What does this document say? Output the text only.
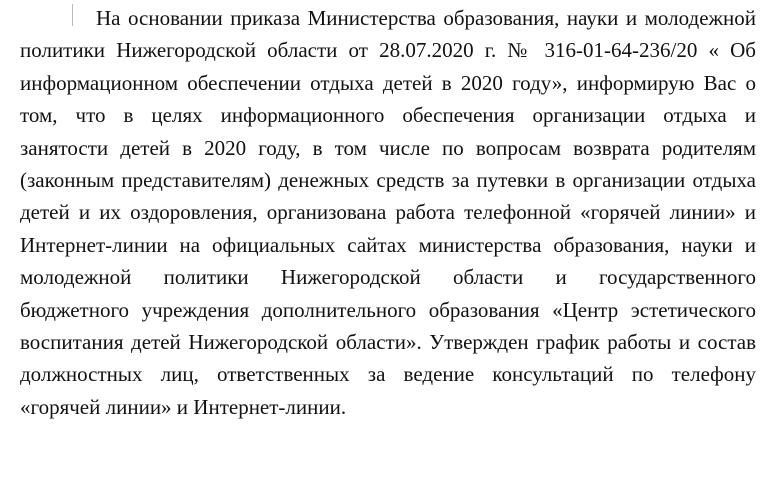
На основании приказа Министерства образования, науки и молодежной
политики Нижегородской области от 28.07.2020 г. № 316-01-64-236/20 « Об
информационном обеспечении отдыха детей в 2020 году», информирую Вас о
том, что в целях информационного обеспечения организации отдыха и
занятости детей в 2020 году, в том числе по вопросам возврата родителям
(законным представителям) денежных средств за путевки в организации отдыха
детей и их оздоровления, организована работа телефонной «горячей линии» и
Интернет-линии на официальных сайтах министерства образования, науки и
молодежной политики Нижегородской области и государственного
бюджетного учреждения дополнительного образования «Центр эстетического
воспитания детей Нижегородской области». Утвержден график работы и состав
должностных лиц, ответственных за ведение консультаций по телефону
«горячей линии» и Интернет-линии.
